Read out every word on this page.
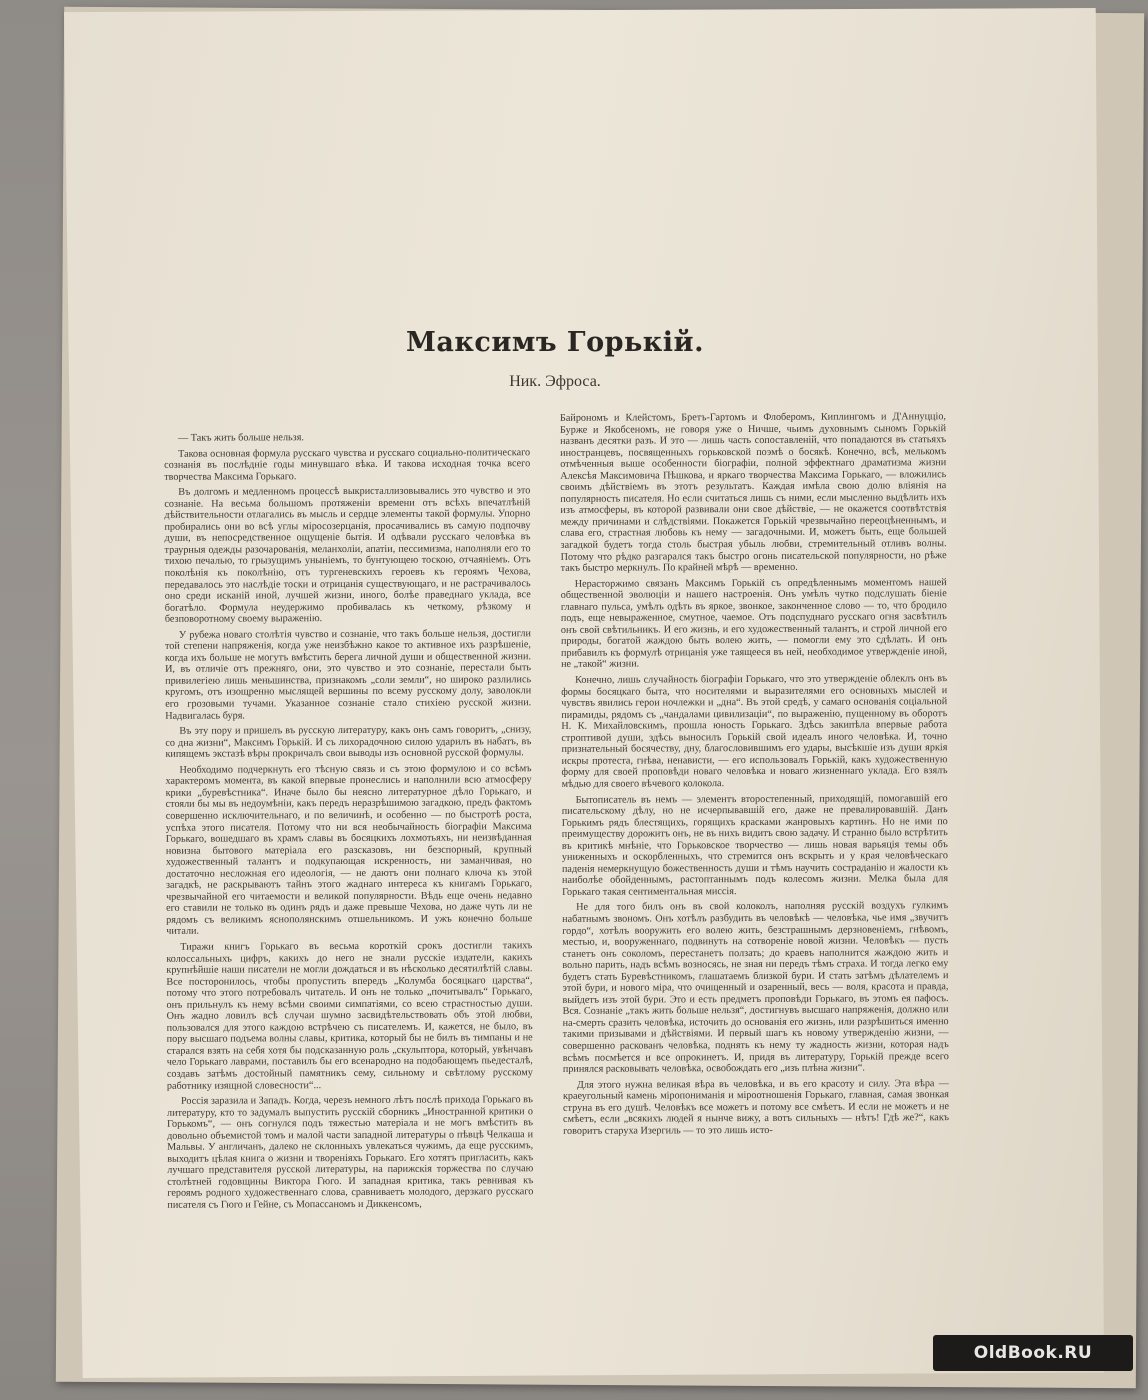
Максимъ Горькій.
Ник. Эфроса.

— Такъ жить больше нельзя.

Такова основная формула русскаго чувства и русскаго социально-политическаго сознанія въ послѣдніе годы минувшаго вѣка. И такова исходная точка всего творчества Максима Горькаго.

Въ долгомъ и медленномъ процессѣ выкристаллизовывались это чувство и это сознаніе. На весьма большомъ протяженіи времени отъ всѣхъ впечатлѣній дѣйствительности отлагались въ мысль и сердце элементы такой формулы. Упорно пробирались они во всѣ углы міросозерцанія, просачивались въ самую подпочву души, въ непосредственное ощущеніе бытія. И одѣвали русскаго человѣка въ траурныя одежды разочарованія, меланхоліи, апатіи, пессимизма, наполняли его то тихою печалью, то грызущимъ уныніемъ, то бунтующею тоскою, отчаяніемъ. Отъ поколѣнія къ поколѣнію, отъ тургеневскихъ героевъ къ героямъ Чехова, передавалось это наслѣдіе тоски и отрицанія существующаго, и не растрачивалось оно среди исканій иной, лучшей жизни, иного, болѣе праведнаго уклада, все богатѣло. Формула неудержимо пробивалась къ четкому, рѣзкому и безповоротному своему выраженію.

У рубежа новаго столѣтія чувство и сознаніе, что такъ больше нельзя, достигли той степени напряженія, когда уже неизбѣжно какое то активное ихъ разрѣшеніе, когда ихъ больше не могутъ вмѣстить берега личной души и общественной жизни. И, въ отличіе отъ прежняго, они, это чувство и это сознаніе, перестали быть привилегіею лишь меньшинства, признакомъ „соли земли“, но широко разлились кругомъ, отъ изощренно мыслящей вершины по всему русскому долу, заволокли его грозовыми тучами. Указанное сознаніе стало стихіею русской жизни. Надвигалась буря.

Въ эту пору и пришелъ въ русскую литературу, какъ онъ самъ говоритъ, „снизу, со дна жизни“, Максимъ Горькій. И съ лихорадочною силою ударилъ въ набатъ, въ кипящемъ экстазѣ вѣры прокричалъ свои выводы изъ основной русской формулы.

Необходимо подчеркнуть его тѣсную связь и съ этою формулою и со всѣмъ характеромъ момента, въ какой впервые пронеслись и наполнили всю атмосферу крики „буревѣстника“. Иначе было бы неясно литературное дѣло Горькаго, и стояли бы мы въ недоумѣніи, какъ передъ неразрѣшимою загадкою, предъ фактомъ совершенно исключительнаго, и по величинѣ, и особенно — по быстротѣ роста, успѣха этого писателя. Потому что ни вся необычайность біографіи Максима Горькаго, вошедшаго въ храмъ славы въ босяцкихъ лохмотьяхъ, ни неизвѣданная новизна бытового матеріала его разсказовъ, ни безспорный, крупный художественный талантъ и подкупающая искренность, ни заманчивая, но достаточно несложная его идеологія, — не даютъ они полнаго ключа къ этой загадкѣ, не раскрываютъ тайнъ этого жаднаго интереса къ книгамъ Горькаго, чрезвычайной его читаемости и великой популярности. Вѣдь еще очень недавно его ставили не только въ одинъ рядъ и даже превыше Чехова, но даже чуть ли не рядомъ съ великимъ яснополянскимъ отшельникомъ. И ужъ конечно больше читали.

Тиражи книгъ Горькаго въ весьма короткій срокъ достигли такихъ колоссальныхъ цифръ, какихъ до него не знали русскіе издатели, какихъ крупнѣйшіе наши писатели не могли дождаться и въ нѣсколько десятилѣтій славы. Все посторонилось, чтобы пропустить впередъ „Колумба босяцкаго царства“, потому что этого потребовалъ читатель. И онъ не только „почитывалъ“ Горькаго, онъ прильнулъ къ нему всѣми своими симпатіями, со всею страстностью души. Онъ жадно ловилъ всѣ случаи шумно засвидѣтельствовать объ этой любви, пользовался для этого каждою встрѣчею съ писателемъ. И, кажется, не было, въ пору высшаго подъема волны славы, критика, который бы не билъ въ тимпаны и не старался взять на себя хотя бы подсказанную роль „скульптора, который, увѣнчавъ чело Горькаго лаврами, поставилъ бы его всенародно на подобающемъ пьедесталѣ, создавъ затѣмъ достойный памятникъ сему, сильному и свѣтлому русскому работнику изящной словесности“...

Россія заразила и Западъ. Когда, черезъ немного лѣтъ послѣ прихода Горькаго въ литературу, кто то задумалъ выпустить русскій сборникъ „Иностранной критики о Горькомъ“, — онъ согнулся подъ тяжестью матеріала и не могъ вмѣстить въ довольно объемистой томъ и малой части западной литературы о пѣвцѣ Челкаша и Мальвы. У англичанъ, далеко не склонныхъ увлекаться чужимъ, да еще русскимъ, выходитъ цѣлая книга о жизни и твореніяхъ Горькаго. Его хотятъ пригласить, какъ лучшаго представителя русской литературы, на парижскія торжества по случаю столѣтней годовщины Виктора Гюго. И западная критика, такъ ревнивая къ героямъ родного художественнаго слова, сравниваетъ молодого, дерзкаго русскаго писателя съ Гюго и Гейне, съ Мопассаномъ и Диккенсомъ,

Байрономъ и Клейстомъ, Бретъ-Гартомъ и Флоберомъ, Киплингомъ и Д'Аннуцціо, Бурже и Якобсеномъ, не говоря уже о Ничше, чьимъ духовнымъ сыномъ Горькій названъ десятки разъ. И это — лишь часть сопоставленій, что попадаются въ статьяхъ иностранцевъ, посвященныхъ горьковской поэмѣ о босякѣ. Конечно, всѣ, мелькомъ отмѣченныя выше особенности біографіи, полной эффектнаго драматизма жизни Алексѣя Максимовича Пѣшкова, и яркаго творчества Максима Горькаго, — вложились своимъ дѣйствіемъ въ этотъ результатъ. Каждая имѣла свою долю вліянія на популярность писателя. Но если считаться лишь съ ними, если мысленно выдѣлить ихъ изъ атмосферы, въ которой развивали они свое дѣйствіе, — не окажется соотвѣтствія между причинами и слѣдствіями. Покажется Горькій чрезвычайно переоцѣненнымъ, и слава его, страстная любовь къ нему — загадочными. И, можетъ быть, еще большей загадкой будетъ тогда столь быстрая убыль любви, стремительный отливъ волны. Потому что рѣдко разгарался такъ быстро огонь писательской популярности, но рѣже такъ быстро меркнулъ. По крайней мѣрѣ — временно.

Нерасторжимо связанъ Максимъ Горькій съ опредѣленнымъ моментомъ нашей общественной эволюціи и нашего настроенія. Онъ умѣлъ чутко подслушать біеніе главнаго пульса, умѣлъ одѣть въ яркое, звонкое, законченное слово — то, что бродило подъ, еще невыраженное, смутное, чаемое. Отъ подспуднаго русскаго огня засвѣтилъ онъ свой свѣтильникъ. И его жизнь, и его художественный талантъ, и строй личной его природы, богатой жаждою быть волею жить, — помогли ему это сдѣлать. И онъ прибавилъ къ формулѣ отрицанія уже таящееся въ ней, необходимое утвержденіе иной, не „такой“ жизни.

Конечно, лишь случайность біографіи Горькаго, что это утвержденіе облеклъ онъ въ формы босяцкаго быта, что носителями и выразителями его основныхъ мыслей и чувствъ явились герои ночлежки и „дна“. Въ этой средѣ, у самаго основанія соціальной пирамиды, рядомъ съ „чандалами цивилизаціи“, по выраженію, пущенному въ оборотъ Н. К. Михайловскимъ, прошла юность Горькаго. Здѣсь закипѣла впервые работа строптивой души, здѣсь выносилъ Горькій свой идеалъ иного человѣка. И, точно признательный босячеству, дну, благословившимъ его удары, высѣкшіе изъ души яркія искры протеста, гнѣва, ненависти, — его использовалъ Горькій, какъ художественную форму для своей проповѣди новаго человѣка и новаго жизненнаго уклада. Его взялъ мѣдью для своего вѣчевого колокола.

Бытописатель въ немъ — элементъ второстепенный, приходящій, помогавшій его писательскому дѣлу, но не исчерпывавшій его, даже не превалировавшій. Данъ Горькимъ рядъ блестящихъ, горящихъ красками жанровыхъ картинъ. Но не ими по преимуществу дорожитъ онъ, не въ нихъ видитъ свою задачу. И странно было встрѣтить въ критикѣ мнѣніе, что Горьковское творчество — лишь новая варьяція темы объ униженныхъ и оскорбленныхъ, что стремится онъ вскрыть и у края человѣческаго паденія немеркнущую божественность души и тѣмъ научить состраданію и жалости къ наиболѣе обойденнымъ, растоптаннымъ подъ колесомъ жизни. Мелка была для Горькаго такая сентиментальная миссія.

Не для того билъ онъ въ свой колоколъ, наполняя русскій воздухъ гулкимъ набатнымъ звономъ. Онъ хотѣлъ разбудить въ человѣкѣ — человѣка, чье имя „звучитъ гордо“, хотѣлъ вооружить его волею жить, безстрашнымъ дерзновеніемъ, гнѣвомъ, местью, и, вооруженнаго, подвинуть на сотвореніе новой жизни. Человѣкъ — пусть станетъ онъ соколомъ, перестанетъ ползать; до краевъ наполнится жаждою жить и вольно парить, надъ всѣмъ возносясь, не зная ни передъ тѣмъ страха. И тогда легко ему будетъ стать Буревѣстникомъ, глашатаемъ близкой бури. И стать затѣмъ дѣлателемъ и этой бури, и нового міра, что очищенный и озаренный, весь — воля, красота и правда, выйдетъ изъ этой бури. Это и есть предметъ проповѣди Горькаго, въ этомъ ея пафосъ. Вся. Сознаніе „такъ жить больше нельзя“, достигнувъ высшаго напряженія, должно или на-смерть сразить человѣка, источить до основанія его жизнь, или разрѣшиться именно такими призывами и дѣйствіями. И первый шагъ къ новому утвержденію жизни, — совершенно раскованъ человѣка, поднять къ нему ту жадность жизни, которая надъ всѣмъ посмѣется и все опрокинетъ. И, придя въ литературу, Горькій прежде всего принялся расковывать человѣка, освобождать его „изъ плѣна жизни“.

Для этого нужна великая вѣра въ человѣка, и въ его красоту и силу. Эта вѣра — краеугольный камень міропониманія и міроотношенія Горькаго, главная, самая звонкая струна въ его душѣ. Человѣкъ все можетъ и потому все смѣетъ. И если не можетъ и не смѣетъ, если „всякихъ людей я нынче вижу, а вотъ сильныхъ — нѣтъ! Гдѣ же?“, какъ говоритъ старуха Изергиль — то это лишь исто-

OldBook.RU
